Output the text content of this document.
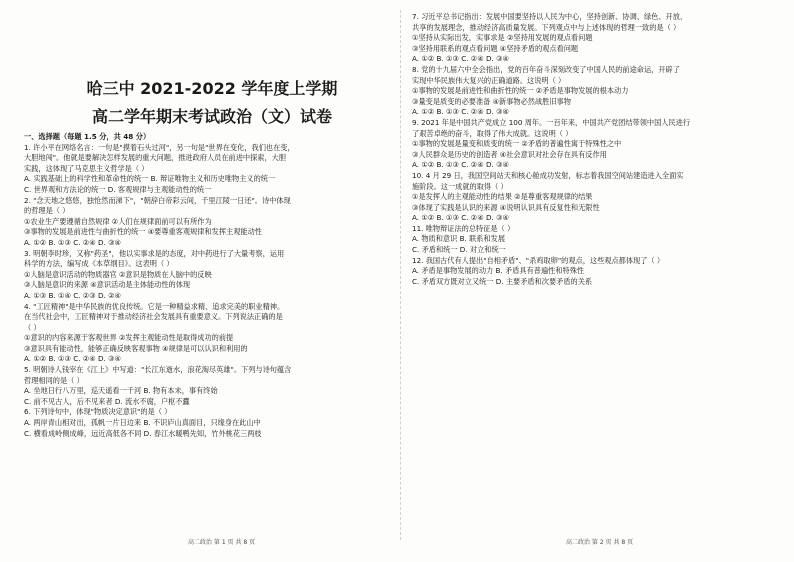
哈三中 2021-2022 学年度上学期
高二学年期末考试政治（文）试卷
一、选择题（每题 1.5 分，共 48 分）
1. 许小平在网络名言：一句是"摸着石头过河"，另一句是"世界在变化，我们也在变，
大胆地闯"。他就是要解决怎样发展的重大问题，推进政府人员在前进中探索，大胆
实践，这体现了马克思主义哲学是（ ）
A. 实践基础上的科学性和革命性的统一 B. 辩证唯物主义和历史唯物主义的统一
C. 世界观和方法论的统一 D. 客观规律与主观能动性的统一
2. "念天地之悠悠，独怆然而涕下"，"朝辞白帝彩云间，千里江陵一日还"。诗中体现
的哲理是（ ）
①农业生产要遵循自然规律 ②人们在规律面前可以有所作为
③事物的发展是前进性与曲折性的统一 ④要尊重客观规律和发挥主观能动性
A. ①② B. ①③ C. ②④ D. ③④
3. 明朝李时珍，又称"药圣"，他以实事求是的态度，对中药进行了大量考察，运用
科学的方法，编写成《本草纲目》。这表明（ ）
①人脑是意识活动的物质器官 ②意识是物质在人脑中的反映
③人脑是意识的来源 ④意识活动是主体能动性的体现
A. ①③ B. ①④ C. ②③ D. ②④
4. "工匠精神"是中华民族的优良传统。它是一种精益求精、追求完美的职业精神。
在当代社会中，工匠精神对于推动经济社会发展具有重要意义。下列说法正确的是
（ ）
①意识的内容来源于客观世界 ②发挥主观能动性是取得成功的前提
③意识具有能动性，能够正确反映客观事物 ④规律是可以认识和利用的
A. ①② B. ①③ C. ②④ D. ③④
5. 明朝诗人钱宰在《江上》中写道："长江东逝水，浪花淘尽英雄"。下列与诗句蕴含
哲理相同的是（ ）
A. 坐地日行八万里，巡天遥看一千河 B. 物有本末，事有终始
C. 前不见古人，后不见来者 D. 流水不腐，户枢不蠹
6. 下列诗句中，体现"物质决定意识"的是（ ）
A. 两岸青山相对出，孤帆一片日边来 B. 不识庐山真面目，只缘身在此山中
C. 横看成岭侧成峰，远近高低各不同 D. 春江水暖鸭先知，竹外桃花三两枝
7. 习近平总书记指出：发展中国要坚持以人民为中心，坚持创新、协调、绿色、开放、
共享的发展理念，推动经济高质量发展。下列观点中与上述体现的哲理一致的是（ ）
①坚持从实际出发，实事求是 ②坚持用发展的观点看问题
③坚持用联系的观点看问题 ④坚持矛盾的观点看问题
A. ①② B. ①③ C. ②④ D. ③④
8. 党的十九届六中全会指出，党的百年奋斗深刻改变了中国人民的前途命运，开辟了
实现中华民族伟大复兴的正确道路。这说明（ ）
①事物的发展是前进性和曲折性的统一 ②矛盾是事物发展的根本动力
③量变是质变的必要准备 ④新事物必然战胜旧事物
A. ①② B. ①③ C. ②④ D. ③④
9. 2021 年是中国共产党成立 100 周年。一百年来，中国共产党团结带领中国人民进行
了艰苦卓绝的奋斗，取得了伟大成就。这说明（ ）
①事物的发展是量变和质变的统一 ②矛盾的普遍性寓于特殊性之中
③人民群众是历史的创造者 ④社会意识对社会存在具有反作用
A. ①② B. ①③ C. ②④ D. ③④
10. 4 月 29 日，我国空间站天和核心舱成功发射，标志着我国空间站建造进入全面实
施阶段。这一成就的取得（ ）
①是发挥人的主观能动性的结果 ②是尊重客观规律的结果
③体现了实践是认识的来源 ④说明认识具有反复性和无限性
A. ①② B. ①③ C. ②④ D. ③④
11. 唯物辩证法的总特征是（ ）
A. 物质和意识 B. 联系和发展
C. 矛盾和统一 D. 对立和统一
12. 我国古代有人提出"自相矛盾"、"杀鸡取卵"的观点，这些观点都体现了（ ）
A. 矛盾是事物发展的动力 B. 矛盾具有普遍性和特殊性
C. 矛盾双方既对立又统一 D. 主要矛盾和次要矛盾的关系
高二政治 第 1 页 共 8 页	高二政治 第 2 页 共 8 页
